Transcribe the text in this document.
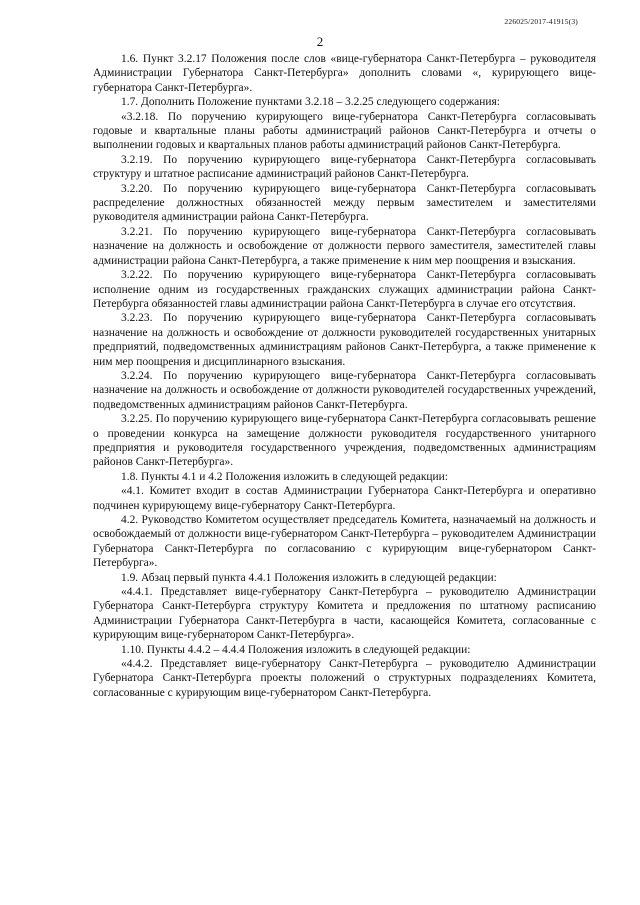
226025/2017-41915(3)
2

1.6. Пункт 3.2.17 Положения после слов «вице-губернатора Санкт-Петербурга – руководителя Администрации Губернатора Санкт-Петербурга» дополнить словами «, курирующего вице-губернатора Санкт-Петербурга».

1.7. Дополнить Положение пунктами 3.2.18 – 3.2.25 следующего содержания:

«3.2.18. По поручению курирующего вице-губернатора Санкт-Петербурга согласовывать годовые и квартальные планы работы администраций районов Санкт-Петербурга и отчеты о выполнении годовых и квартальных планов работы администраций районов Санкт-Петербурга.

3.2.19. По поручению курирующего вице-губернатора Санкт-Петербурга согласовывать структуру и штатное расписание администраций районов Санкт-Петербурга.

3.2.20. По поручению курирующего вице-губернатора Санкт-Петербурга согласовывать распределение должностных обязанностей между первым заместителем и заместителями руководителя администрации района Санкт-Петербурга.

3.2.21. По поручению курирующего вице-губернатора Санкт-Петербурга согласовывать назначение на должность и освобождение от должности первого заместителя, заместителей главы администрации района Санкт-Петербурга, а также применение к ним мер поощрения и взыскания.

3.2.22. По поручению курирующего вице-губернатора Санкт-Петербурга согласовывать исполнение одним из государственных гражданских служащих администрации района Санкт-Петербурга обязанностей главы администрации района Санкт-Петербурга в случае его отсутствия.

3.2.23. По поручению курирующего вице-губернатора Санкт-Петербурга согласовывать назначение на должность и освобождение от должности руководителей государственных унитарных предприятий, подведомственных администрациям районов Санкт-Петербурга, а также применение к ним мер поощрения и дисциплинарного взыскания.

3.2.24. По поручению курирующего вице-губернатора Санкт-Петербурга согласовывать назначение на должность и освобождение от должности руководителей государственных учреждений, подведомственных администрациям районов Санкт-Петербурга.

3.2.25. По поручению курирующего вице-губернатора Санкт-Петербурга согласовывать решение о проведении конкурса на замещение должности руководителя государственного унитарного предприятия и руководителя государственного учреждения, подведомственных администрациям районов Санкт-Петербурга».

1.8. Пункты 4.1 и 4.2 Положения изложить в следующей редакции:

«4.1. Комитет входит в состав Администрации Губернатора Санкт-Петербурга и оперативно подчинен курирующему вице-губернатору Санкт-Петербурга.

4.2. Руководство Комитетом осуществляет председатель Комитета, назначаемый на должность и освобождаемый от должности вице-губернатором Санкт-Петербурга – руководителем Администрации Губернатора Санкт-Петербурга по согласованию с курирующим вице-губернатором Санкт-Петербурга».

1.9. Абзац первый пункта 4.4.1 Положения изложить в следующей редакции:

«4.4.1. Представляет вице-губернатору Санкт-Петербурга – руководителю Администрации Губернатора Санкт-Петербурга структуру Комитета и предложения по штатному расписанию Администрации Губернатора Санкт-Петербурга в части, касающейся Комитета, согласованные с курирующим вице-губернатором Санкт-Петербурга».

1.10. Пункты 4.4.2 – 4.4.4 Положения изложить в следующей редакции:

«4.4.2. Представляет вице-губернатору Санкт-Петербурга – руководителю Администрации Губернатора Санкт-Петербурга проекты положений о структурных подразделениях Комитета, согласованные с курирующим вице-губернатором Санкт-Петербурга.
